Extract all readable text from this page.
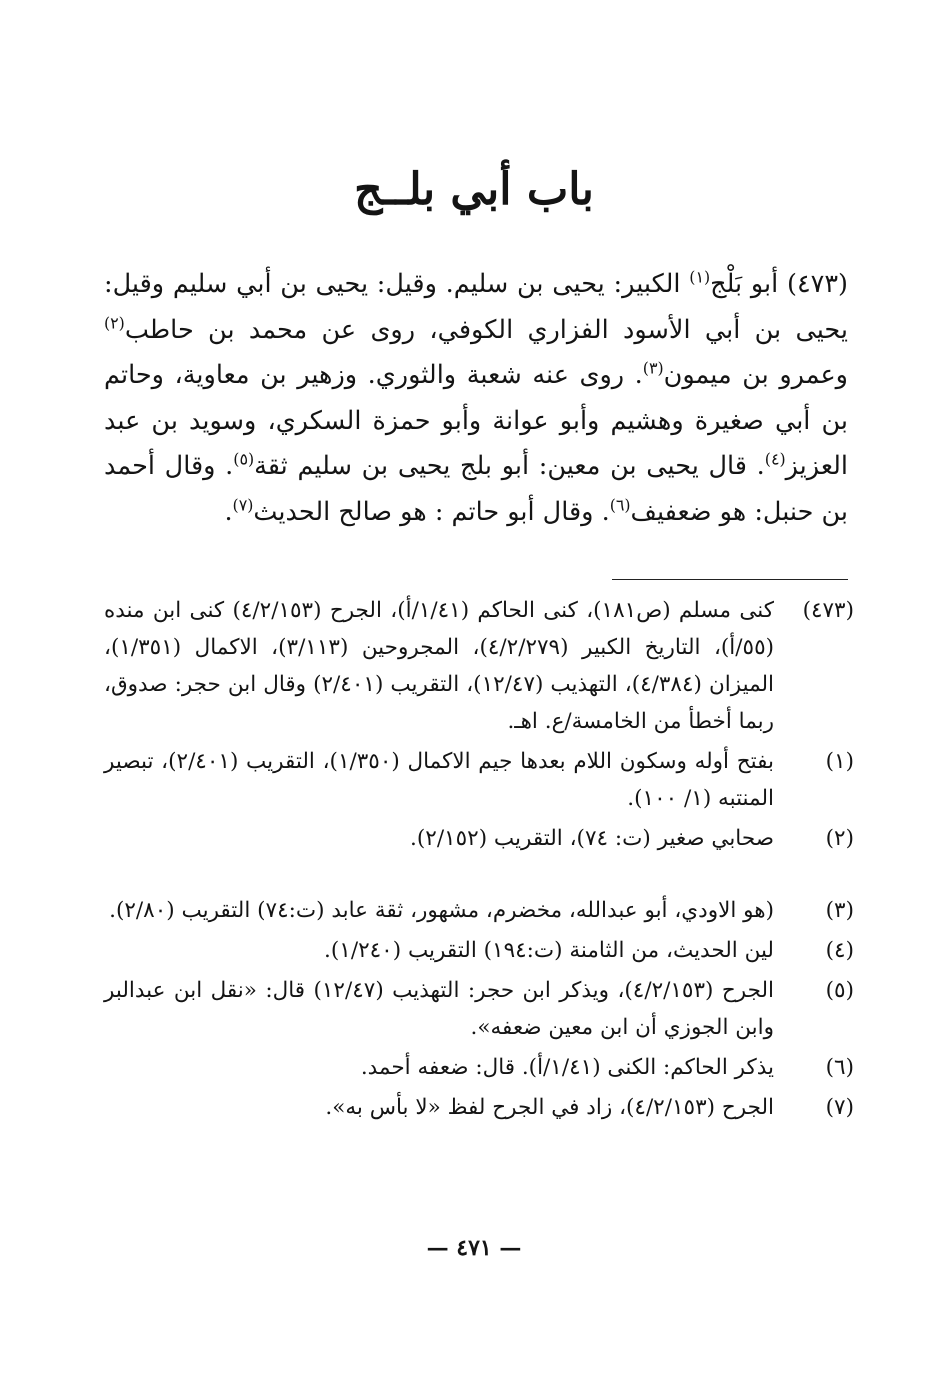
باب أبي بلــج
(٤٧٣) أبو بَلْج$^{(١)}$ الكبير: يحيى بن سليم. وقيل: يحيى بن أبي سليم وقيل: يحيى بن أبي الأسود الفزاري الكوفي، روى عن محمد بن حاطب$^{(٢)}$ وعمرو بن ميمون$^{(٣)}$. روى عنه شعبة والثوري. وزهير بن معاوية، وحاتم بن أبي صغيرة وهشيم وأبو عوانة وأبو حمزة السكري، وسويد بن عبد العزيز$^{(٤)}$. قال يحيى بن معين: أبو بلج يحيى بن سليم ثقة$^{(٥)}$. وقال أحمد بن حنبل: هو ضعفيف$^{(٦)}$. وقال أبو حاتم : هو صالح الحديث$^{(٧)}$.
(٤٧٣)
كنى مسلم (ص١٨١)، كنى الحاكم (١/٤١/أ)، الجرح (٤/٢/١٥٣) كنى ابن منده (٥٥/أ)، التاريخ الكبير (٤/٢/٢٧٩)، المجروحين (٣/١١٣)، الاكمال (١/٣٥١)، الميزان (٤/٣٨٤)، التهذيب (١٢/٤٧)، التقريب (٢/٤٠١) وقال ابن حجر: صدوق، ربما أخطأ من الخامسة/ع. اهـ.
(١)
بفتح أوله وسكون اللام بعدها جيم الاكمال (١/٣٥٠)، التقريب (٢/٤٠١)، تبصير المنتبه (١/ ١٠٠).
(٢)
صحابي صغير (ت: ٧٤)، التقريب (٢/١٥٢).
(٣)
(هو الاودي، أبو عبدالله، مخضرم، مشهور، ثقة عابد (ت:٧٤) التقريب (٢/٨٠).
(٤)
لين الحديث، من الثامنة (ت:١٩٤) التقريب (١/٢٤٠).
(٥)
الجرح (٤/٢/١٥٣)، ويذكر ابن حجر: التهذيب (١٢/٤٧) قال: «نقل ابن عبدالبر وابن الجوزي أن ابن معين ضعفه».
(٦)
يذكر الحاكم: الكنى (١/٤١/أ). قال: ضعفه أحمد.
(٧)
الجرح (٤/٢/١٥٣)، زاد في الجرح لفظ «لا بأس به».
— ٤٧١ —
